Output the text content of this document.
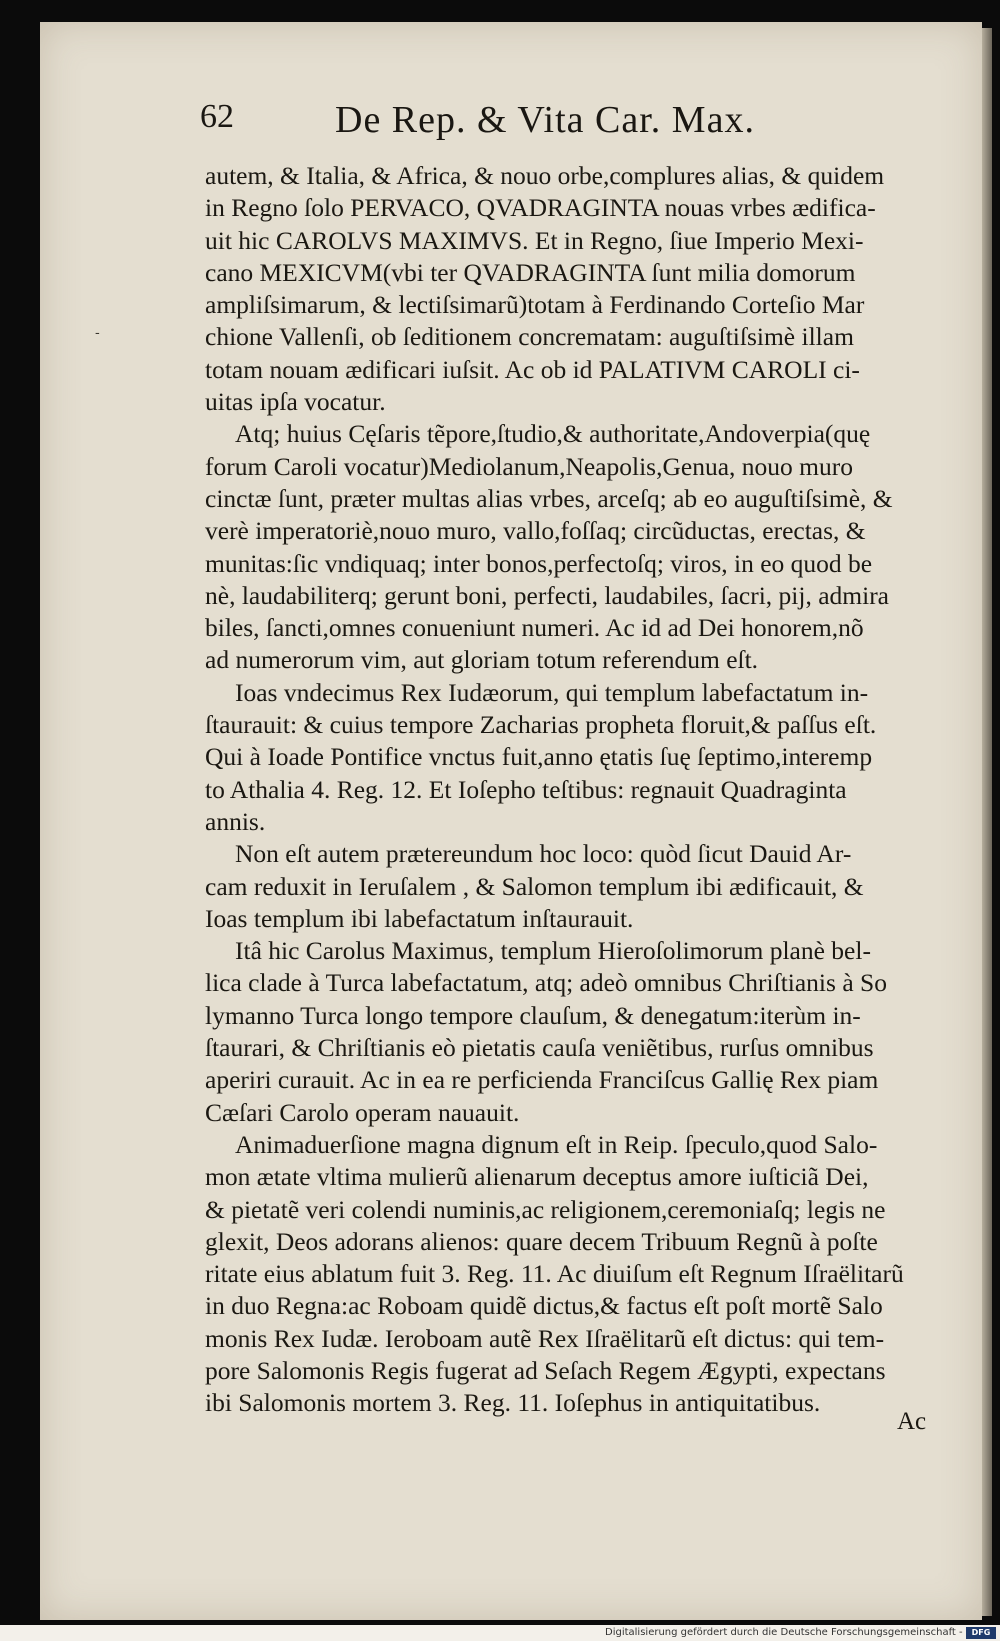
62	De Rep. & Vita Car. Max.
-
autem, & Italia, & Africa, & nouo orbe,complures alias, & quidem
in Regno ſolo PERVACO, QVADRAGINTA nouas vrbes ædifica-
uit hic CAROLVS MAXIMVS. Et in Regno, ſiue Imperio Mexi-
cano MEXICVM(vbi ter QVADRAGINTA ſunt milia domorum
ampliſsimarum, & lectiſsimarũ)totam à Ferdinando Corteſio Mar
chione Vallenſi, ob ſeditionem concrematam: auguſtiſsimè illam
totam nouam ædificari iuſsit. Ac ob id PALATIVM CAROLI ci-
uitas ipſa vocatur.
Atq; huius Cęſaris tẽpore,ſtudio,& authoritate,Andoverpia(quę
forum Caroli vocatur)Mediolanum,Neapolis,Genua, nouo muro
cinctæ ſunt, præter multas alias vrbes, arceſq; ab eo auguſtiſsimè, &
verè imperatoriè,nouo muro, vallo,foſſaq; circũductas, erectas, &
munitas:ſic vndiquaq; inter bonos,perfectoſq; viros, in eo quod be
nè, laudabiliterq; gerunt boni, perfecti, laudabiles, ſacri, pij, admira
biles, ſancti,omnes conueniunt numeri. Ac id ad Dei honorem,nõ
ad numerorum vim, aut gloriam totum referendum eſt.
Ioas vndecimus Rex Iudæorum, qui templum labefactatum in-
ſtaurauit: & cuius tempore Zacharias propheta floruit,& paſſus eſt.
Qui à Ioade Pontifice vnctus fuit,anno ętatis ſuę ſeptimo,interemp
to Athalia 4. Reg. 12. Et Ioſepho teſtibus: regnauit Quadraginta
annis.
Non eſt autem prætereundum hoc loco: quòd ſicut Dauid Ar-
cam reduxit in Ieruſalem , & Salomon templum ibi ædificauit, &
Ioas templum ibi labefactatum inſtaurauit.
Itâ hic Carolus Maximus, templum Hieroſolimorum planè bel-
lica clade à Turca labefactatum, atq; adeò omnibus Chriſtianis à So
lymanno Turca longo tempore clauſum, & denegatum:iterùm in-
ſtaurari, & Chriſtianis eò pietatis cauſa veniẽtibus, rurſus omnibus
aperiri curauit. Ac in ea re perficienda Franciſcus Gallię Rex piam
Cæſari Carolo operam nauauit.
Animaduerſione magna dignum eſt in Reip. ſpeculo,quod Salo-
mon ætate vltima mulierũ alienarum deceptus amore iuſticiã Dei,
& pietatẽ veri colendi numinis,ac religionem,ceremoniaſq; legis ne
glexit, Deos adorans alienos: quare decem Tribuum Regnũ à poſte
ritate eius ablatum fuit 3. Reg. 11. Ac diuiſum eſt Regnum Iſraëlitarũ
in duo Regna:ac Roboam quidẽ dictus,& factus eſt poſt mortẽ Salo
monis Rex Iudæ. Ieroboam autẽ Rex Iſraëlitarũ eſt dictus: qui tem-
pore Salomonis Regis fugerat ad Seſach Regem Ægypti, expectans
ibi Salomonis mortem 3. Reg. 11. Ioſephus in antiquitatibus.
Ac
Digitalisierung gefördert durch die Deutsche Forschungsgemeinschaft -	DFG
